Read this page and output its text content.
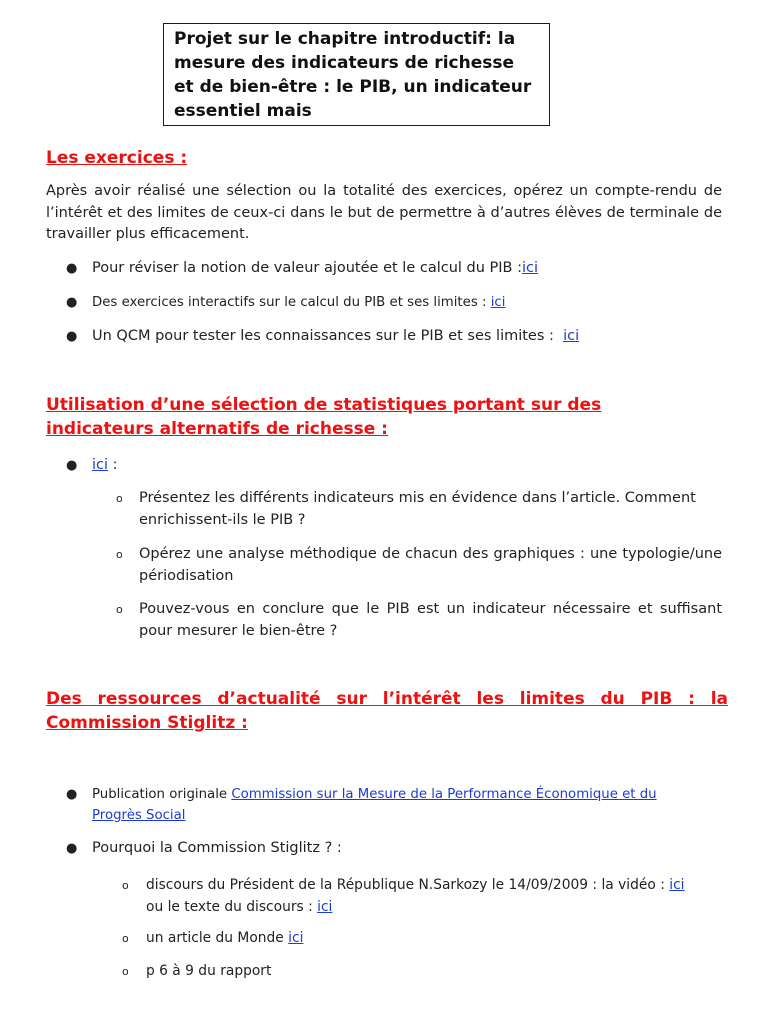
Projet sur le chapitre introductif: la mesure des indicateurs de richesse et de bien-être : le PIB, un indicateur essentiel mais
Les exercices :

Après avoir réalisé une sélection ou la totalité des exercices, opérez un compte-rendu de l’intérêt et des limites de ceux-ci dans le but de permettre à d’autres élèves de terminale de travailler plus efficacement.

● Pour réviser la notion de valeur ajoutée et le calcul du PIB :ici
● Des exercices interactifs sur le calcul du PIB et ses limites : ici
● Un QCM pour tester les connaissances sur le PIB et ses limites :  ici
Utilisation d’une sélection de statistiques portant sur des
indicateurs alternatifs de richesse :
● ici :
o Présentez les différents indicateurs mis en évidence dans l’article. Comment enrichissent-ils le PIB ?
o Opérez une analyse méthodique de chacun des graphiques : une typologie/une périodisation
o Pouvez-vous en conclure que le PIB est un indicateur nécessaire et suffisant pour mesurer le bien-être ?
Des ressources d’actualité sur l’intérêt les limites du PIB : la
Commission Stiglitz :
● Publication originale Commission sur la Mesure de la Performance Économique et du Progrès Social
● Pourquoi la Commission Stiglitz ? :
o discours du Président de la République N.Sarkozy le 14/09/2009 : la vidéo : ici ou le texte du discours : ici
o un article du Monde ici
o p 6 à 9 du rapport
